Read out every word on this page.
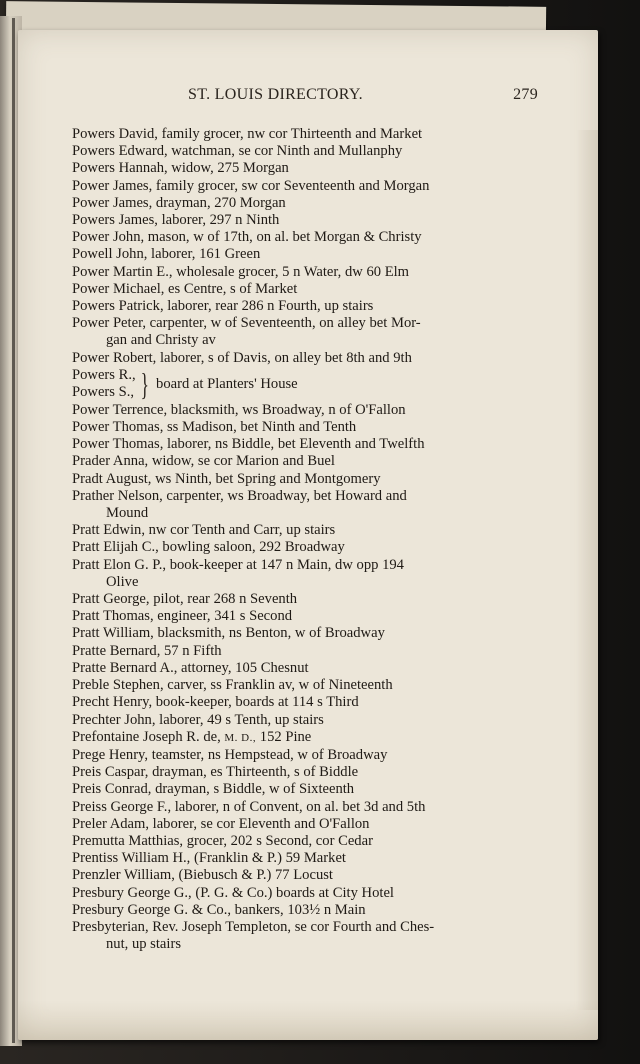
ST. LOUIS DIRECTORY.	279
Powers David, family grocer, nw cor Thirteenth and Market
Powers Edward, watchman, se cor Ninth and Mullanphy
Powers Hannah, widow, 275 Morgan
Power James, family grocer, sw cor Seventeenth and Morgan
Power James, drayman, 270 Morgan
Powers James, laborer, 297 n Ninth
Power John, mason, w of 17th, on al. bet Morgan & Christy
Powell John, laborer, 161 Green
Power Martin E., wholesale grocer, 5 n Water, dw 60 Elm
Power Michael, es Centre, s of Market
Powers Patrick, laborer, rear 286 n Fourth, up stairs
Power Peter, carpenter, w of Seventeenth, on alley bet Mor-
gan and Christy av
Power Robert, laborer, s of Davis, on alley bet 8th and 9th
Powers R.,
Powers S., } board at Planters' House
Power Terrence, blacksmith, ws Broadway, n of O'Fallon
Power Thomas, ss Madison, bet Ninth and Tenth
Power Thomas, laborer, ns Biddle, bet Eleventh and Twelfth
Prader Anna, widow, se cor Marion and Buel
Pradt August, ws Ninth, bet Spring and Montgomery
Prather Nelson, carpenter, ws Broadway, bet Howard and
Mound
Pratt Edwin, nw cor Tenth and Carr, up stairs
Pratt Elijah C., bowling saloon, 292 Broadway
Pratt Elon G. P., book-keeper at 147 n Main, dw opp 194
Olive
Pratt George, pilot, rear 268 n Seventh
Pratt Thomas, engineer, 341 s Second
Pratt William, blacksmith, ns Benton, w of Broadway
Pratte Bernard, 57 n Fifth
Pratte Bernard A., attorney, 105 Chesnut
Preble Stephen, carver, ss Franklin av, w of Nineteenth
Precht Henry, book-keeper, boards at 114 s Third
Prechter John, laborer, 49 s Tenth, up stairs
Prefontaine Joseph R. de, M. D., 152 Pine
Prege Henry, teamster, ns Hempstead, w of Broadway
Preis Caspar, drayman, es Thirteenth, s of Biddle
Preis Conrad, drayman, s Biddle, w of Sixteenth
Preiss George F., laborer, n of Convent, on al. bet 3d and 5th
Preler Adam, laborer, se cor Eleventh and O'Fallon
Premutta Matthias, grocer, 202 s Second, cor Cedar
Prentiss William H., (Franklin & P.) 59 Market
Prenzler William, (Biebusch & P.) 77 Locust
Presbury George G., (P. G. & Co.) boards at City Hotel
Presbury George G. & Co., bankers, 103½ n Main
Presbyterian, Rev. Joseph Templeton, se cor Fourth and Ches-
nut, up stairs
